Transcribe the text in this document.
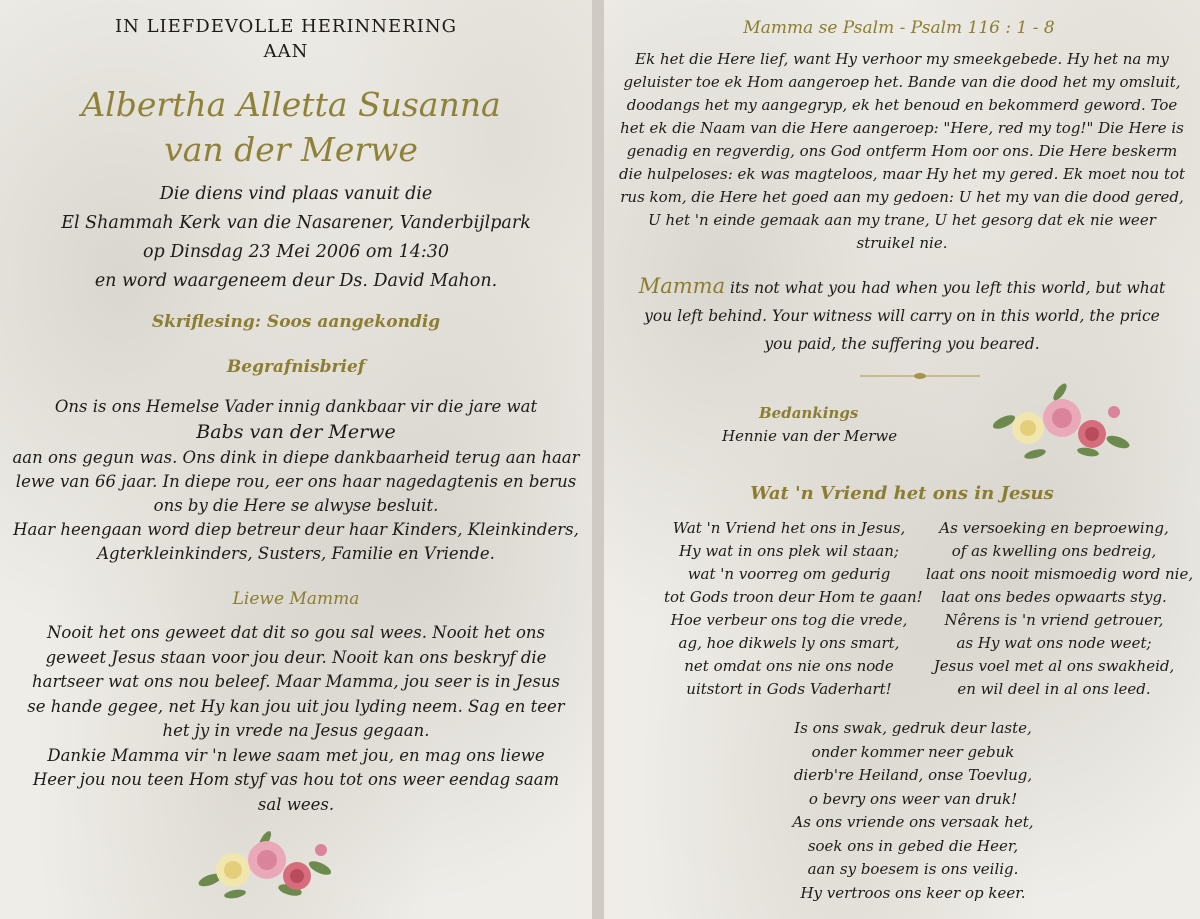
IN LIEFDEVOLLE HERINNERING
AAN
Albertha Alletta Susanna
van der Merwe
Die diens vind plaas vanuit die
El Shammah Kerk van die Nasarener, Vanderbijlpark
op Dinsdag 23 Mei 2006 om 14:30
en word waargeneem deur Ds. David Mahon.
Skriflesing: Soos aangekondig
Begrafnisbrief
Ons is ons Hemelse Vader innig dankbaar vir die jare wat
Babs van der Merwe
aan ons gegun was. Ons dink in diepe dankbaarheid terug aan haar
lewe van 66 jaar. In diepe rou, eer ons haar nagedagtenis en berus
ons by die Here se alwyse besluit.
Haar heengaan word diep betreur deur haar Kinders, Kleinkinders,
Agterkleinkinders, Susters, Familie en Vriende.
Liewe Mamma
Nooit het ons geweet dat dit so gou sal wees. Nooit het ons
geweet Jesus staan voor jou deur. Nooit kan ons beskryf die
hartseer wat ons nou beleef. Maar Mamma, jou seer is in Jesus
se hande gegee, net Hy kan jou uit jou lyding neem. Sag en teer
het jy in vrede na Jesus gegaan.
Dankie Mamma vir 'n lewe saam met jou, en mag ons liewe
Heer jou nou teen Hom styf vas hou tot ons weer eendag saam
sal wees.
Mamma se Psalm - Psalm 116 : 1 - 8
Ek het die Here lief, want Hy verhoor my smeekgebede. Hy het na my
geluister toe ek Hom aangeroep het. Bande van die dood het my omsluit,
doodangs het my aangegryp, ek het benoud en bekommerd geword. Toe
het ek die Naam van die Here aangeroep: "Here, red my tog!" Die Here is
genadig en regverdig, ons God ontferm Hom oor ons. Die Here beskerm
die hulpeloses: ek was magteloos, maar Hy het my gered. Ek moet nou tot
rus kom, die Here het goed aan my gedoen: U het my van die dood gered,
U het 'n einde gemaak aan my trane, U het gesorg dat ek nie weer
struikel nie.
Mamma its not what you had when you left this world, but what
you left behind. Your witness will carry on in this world, the price
you paid, the suffering you beared.
Bedankings
Hennie van der Merwe
Wat 'n Vriend het ons in Jesus
Wat 'n Vriend het ons in Jesus,
Hy wat in ons plek wil staan;
wat 'n voorreg om gedurig
tot Gods troon deur Hom te gaan!
Hoe verbeur ons tog die vrede,
ag, hoe dikwels ly ons smart,
net omdat ons nie ons node
uitstort in Gods Vaderhart!
As versoeking en beproewing,
of as kwelling ons bedreig,
laat ons nooit mismoedig word nie,
laat ons bedes opwaarts styg.
Nêrens is 'n vriend getrouer,
as Hy wat ons node weet;
Jesus voel met al ons swakheid,
en wil deel in al ons leed.
Is ons swak, gedruk deur laste,
onder kommer neer gebuk
dierb're Heiland, onse Toevlug,
o bevry ons weer van druk!
As ons vriende ons versaak het,
soek ons in gebed die Heer,
aan sy boesem is ons veilig.
Hy vertroos ons keer op keer.
